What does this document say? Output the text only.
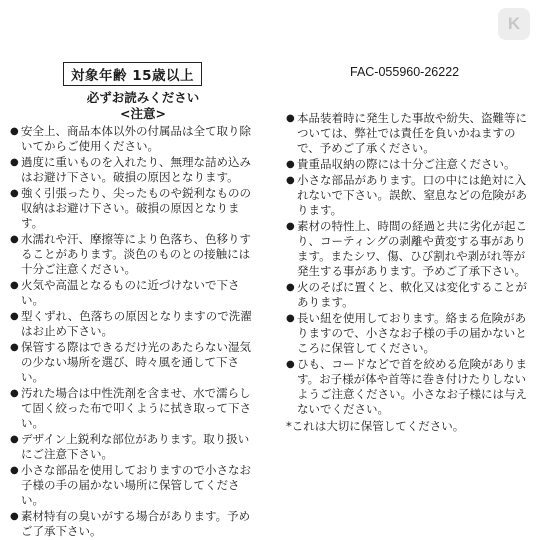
K
対象年齢 15歳以上	FAC-055960-26222
必ずお読みください
<注意>
● 安全上、商品本体以外の付属品は全て取り除いてからご使用ください。
● 過度に重いものを入れたり、無理な詰め込みはお避け下さい。破損の原因となります。
● 強く引張ったり、尖ったものや鋭利なものの収納はお避け下さい。破損の原因となります。
● 水濡れや汗、摩擦等により色落ち、色移りすることがあります。淡色のものとの接触には十分ご注意ください。
● 火気や高温となるものに近づけないで下さい。
● 型くずれ、色落ちの原因となりますので洗濯はお止め下さい。
● 保管する際はできるだけ光のあたらない湿気の少ない場所を選び、時々風を通して下さい。
● 汚れた場合は中性洗剤を含ませ、水で濡らして固く絞った布で叩くように拭き取って下さい。
● デザイン上鋭利な部位があります。取り扱いにご注意下さい。
● 小さな部品を使用しておりますので小さなお子様の手の届かない場所に保管してください。
● 素材特有の臭いがする場合があります。予めご了承下さい。
● 本品装着時に発生した事故や紛失、盗難等については、弊社では責任を負いかねますので、予めご了承ください。
● 貴重品収納の際には十分ご注意ください。
● 小さな部品があります。口の中には絶対に入れないで下さい。誤飲、窒息などの危険があります。
● 素材の特性上、時間の経過と共に劣化が起こり、コーティングの剥離や黄変する事があります。またシワ、傷、ひび割れや剥がれ等が発生する事があります。予めご了承下さい。
● 火のそばに置くと、軟化又は変化することがあります。
● 長い紐を使用しております。絡まる危険がありますので、小さなお子様の手の届かないところに保管してください。
● ひも、コードなどで首を絞める危険があります。お子様が体や首等に巻き付けたりしないようご注意ください。小さなお子様には与えないでください。
*これは大切に保管してください。
